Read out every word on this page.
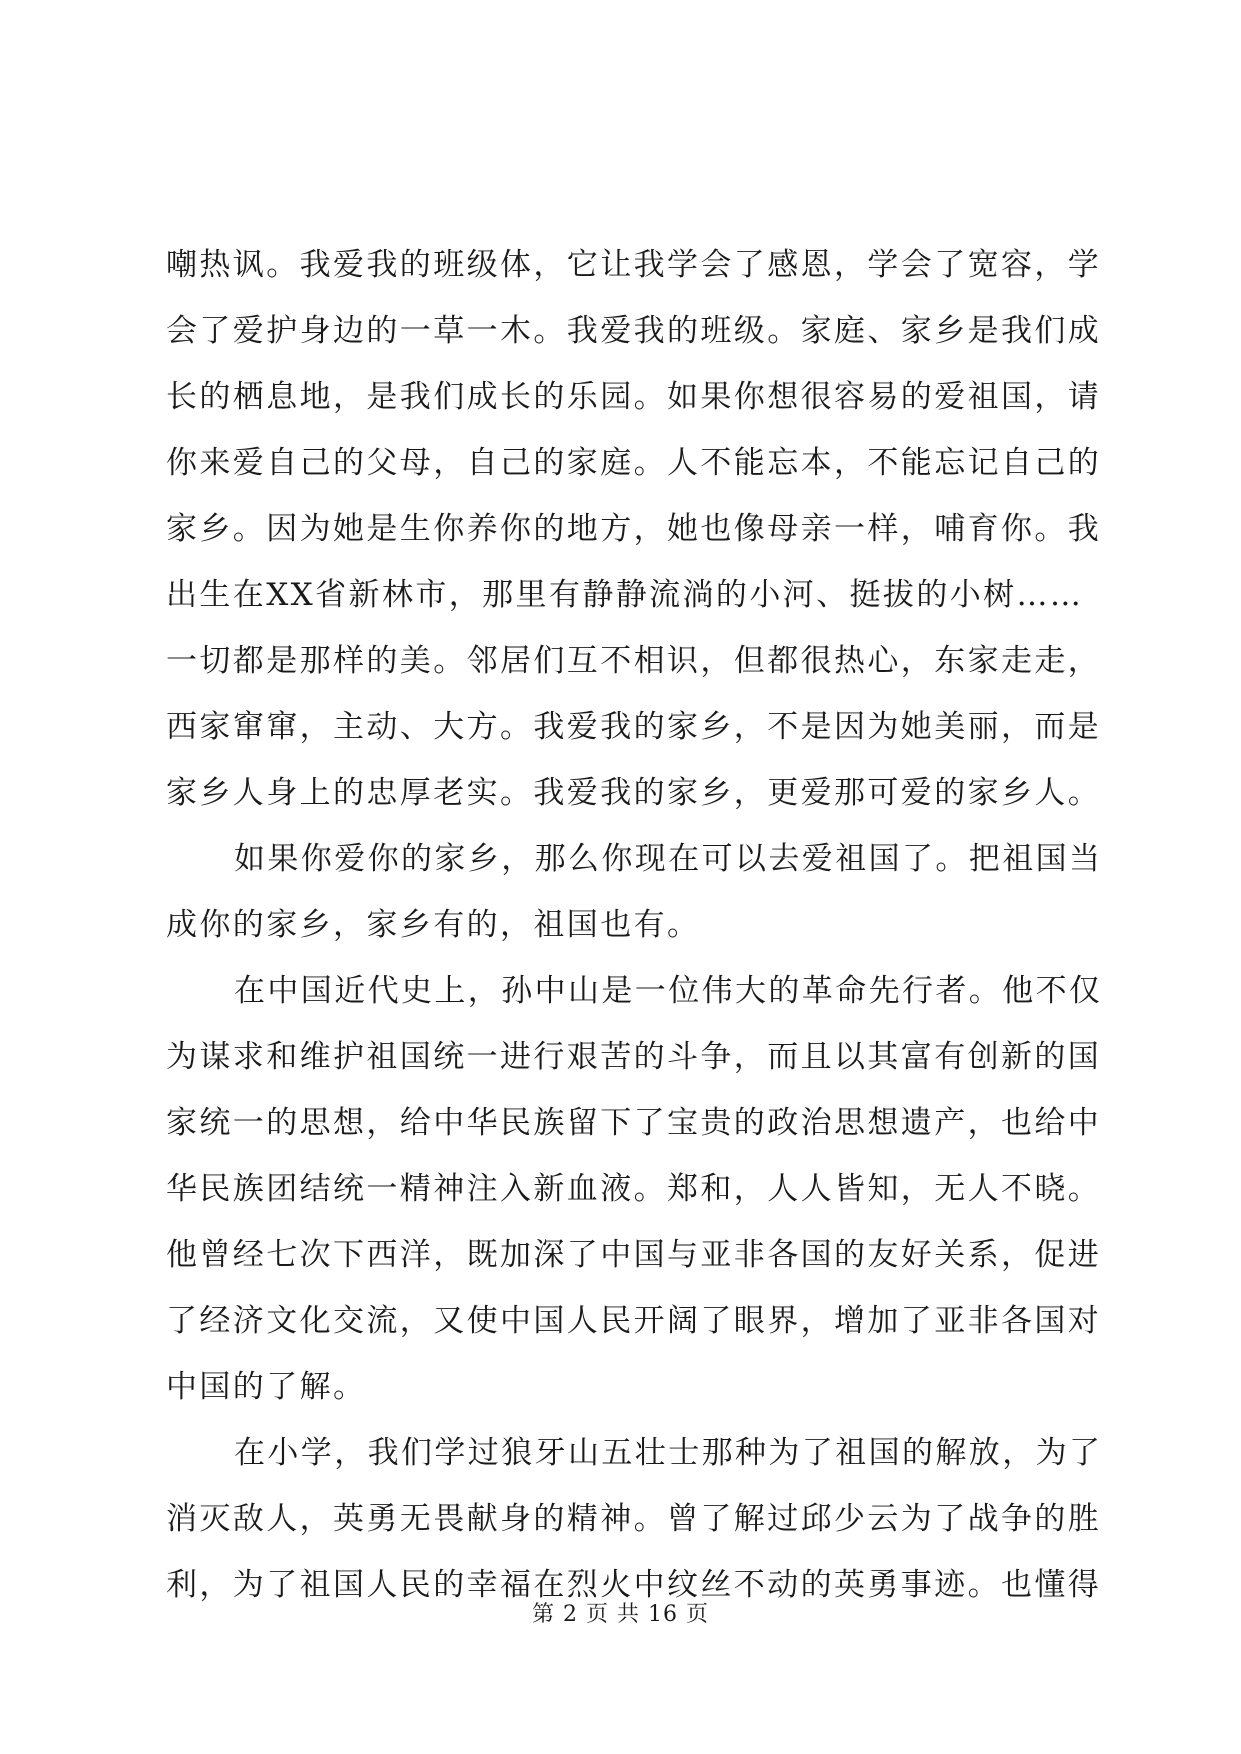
嘲热讽。我爱我的班级体，它让我学会了感恩，学会了宽容，学
会了爱护身边的一草一木。我爱我的班级。家庭、家乡是我们成
长的栖息地，是我们成长的乐园。如果你想很容易的爱祖国，请
你来爱自己的父母，自己的家庭。人不能忘本，不能忘记自己的
家乡。因为她是生你养你的地方，她也像母亲一样，哺育你。我
出生在XX省新林市，那里有静静流淌的小河、挺拔的小树……
一切都是那样的美。邻居们互不相识，但都很热心，东家走走，
西家窜窜，主动、大方。我爱我的家乡，不是因为她美丽，而是
家乡人身上的忠厚老实。我爱我的家乡，更爱那可爱的家乡人。
如果你爱你的家乡，那么你现在可以去爱祖国了。把祖国当
成你的家乡，家乡有的，祖国也有。
在中国近代史上，孙中山是一位伟大的革命先行者。他不仅
为谋求和维护祖国统一进行艰苦的斗争，而且以其富有创新的国
家统一的思想，给中华民族留下了宝贵的政治思想遗产，也给中
华民族团结统一精神注入新血液。郑和，人人皆知，无人不晓。
他曾经七次下西洋，既加深了中国与亚非各国的友好关系，促进
了经济文化交流，又使中国人民开阔了眼界，增加了亚非各国对
中国的了解。
在小学，我们学过狼牙山五壮士那种为了祖国的解放，为了
消灭敌人，英勇无畏献身的精神。曾了解过邱少云为了战争的胜
利，为了祖国人民的幸福在烈火中纹丝不动的英勇事迹。也懂得
第 2 页 共 16 页
